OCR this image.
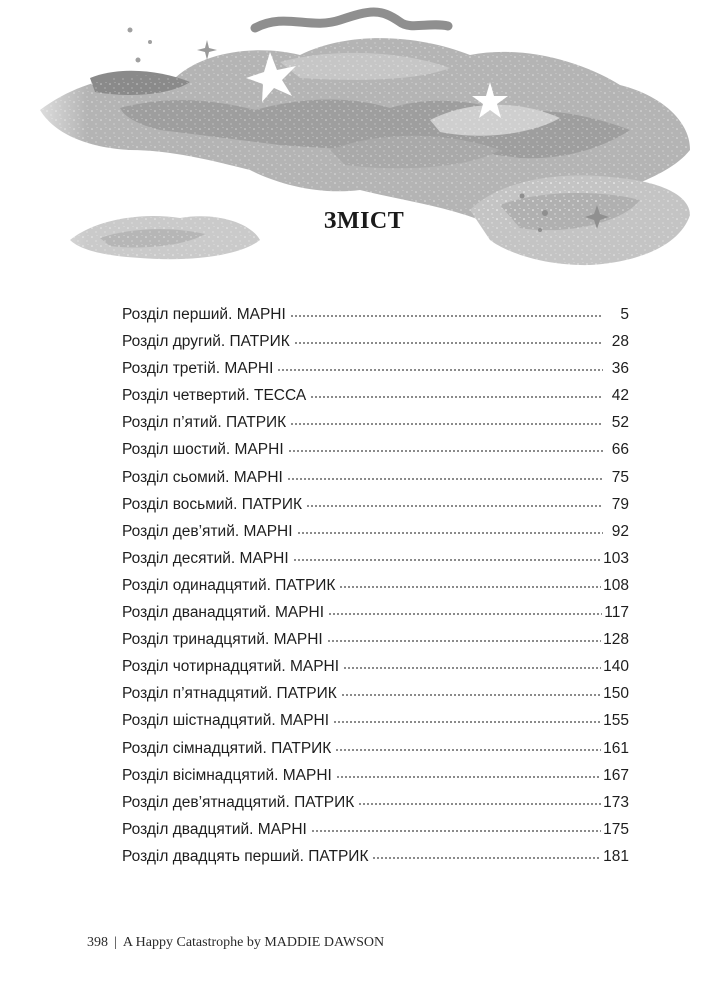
ЗМІСТ
Розділ перший. МАРНІ	5
Розділ другий. ПАТРИК	28
Розділ третій. МАРНІ	36
Розділ четвертий. ТЕССА	42
Розділ п’ятий. ПАТРИК	52
Розділ шостий. МАРНІ	66
Розділ сьомий. МАРНІ	75
Розділ восьмий. ПАТРИК	79
Розділ дев’ятий. МАРНІ	92
Розділ десятий. МАРНІ	103
Розділ одинадцятий. ПАТРИК	108
Розділ дванадцятий. МАРНІ	117
Розділ тринадцятий. МАРНІ	128
Розділ чотирнадцятий. МАРНІ	140
Розділ п’ятнадцятий. ПАТРИК	150
Розділ шістнадцятий. МАРНІ	155
Розділ сімнадцятий. ПАТРИК	161
Розділ вісімнадцятий. МАРНІ	167
Розділ дев’ятнадцятий. ПАТРИК	173
Розділ двадцятий. МАРНІ	175
Розділ двадцять перший. ПАТРИК	181
398 | A Happy Catastrophe by MADDIE DAWSON
